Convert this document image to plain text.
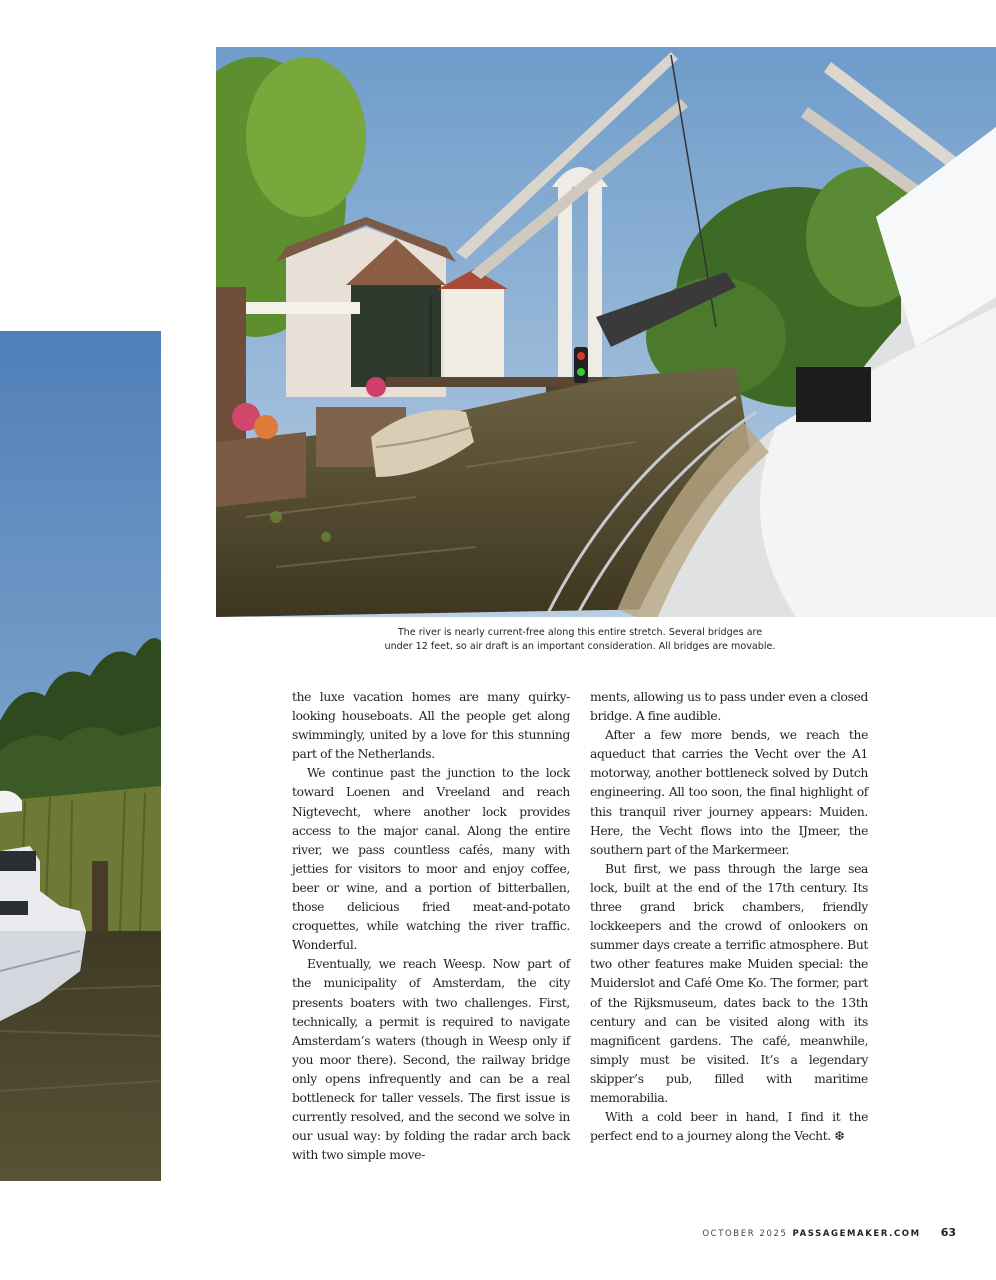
The river is nearly current-free along this entire stretch. Several bridges are
under 12 feet, so air draft is an important consideration. All bridges are movable.

the luxe vacation homes are many quirky-looking houseboats. All the people get along swimmingly, united by a love for this stunning part of the Netherlands.

We continue past the junction to the lock toward Loenen and Vreeland and reach Nigtevecht, where another lock provides access to the major canal. Along the entire river, we pass countless cafés, many with jetties for visitors to moor and enjoy coffee, beer or wine, and a portion of bitterballen, those delicious fried meat-and-potato croquettes, while watching the river traffic. Wonderful.

Eventually, we reach Weesp. Now part of the municipality of Amsterdam, the city presents boaters with two challenges. First, technically, a permit is required to navigate Amsterdam’s waters (though in Weesp only if you moor there). Second, the railway bridge only opens infrequently and can be a real bottleneck for taller vessels. The first issue is currently resolved, and the second we solve in our usual way: by folding the radar arch back with two simple move-

ments, allowing us to pass under even a closed bridge. A fine audible.

After a few more bends, we reach the aqueduct that carries the Vecht over the A1 motorway, another bottleneck solved by Dutch engineering. All too soon, the final highlight of this tranquil river journey appears: Muiden. Here, the Vecht flows into the IJmeer, the southern part of the Markermeer.

But first, we pass through the large sea lock, built at the end of the 17th century. Its three grand brick chambers, friendly lockkeepers and the crowd of onlookers on summer days create a terrific atmosphere. But two other features make Muiden special: the Muiderslot and Café Ome Ko. The former, part of the Rijksmuseum, dates back to the 13th century and can be visited along with its magnificent gardens. The café, meanwhile, simply must be visited. It’s a legendary skipper’s pub, filled with maritime memorabilia.

With a cold beer in hand, I find it the perfect end to a journey along the Vecht. ❆

OCTOBER 2025 PASSAGEMAKER.COM 63
